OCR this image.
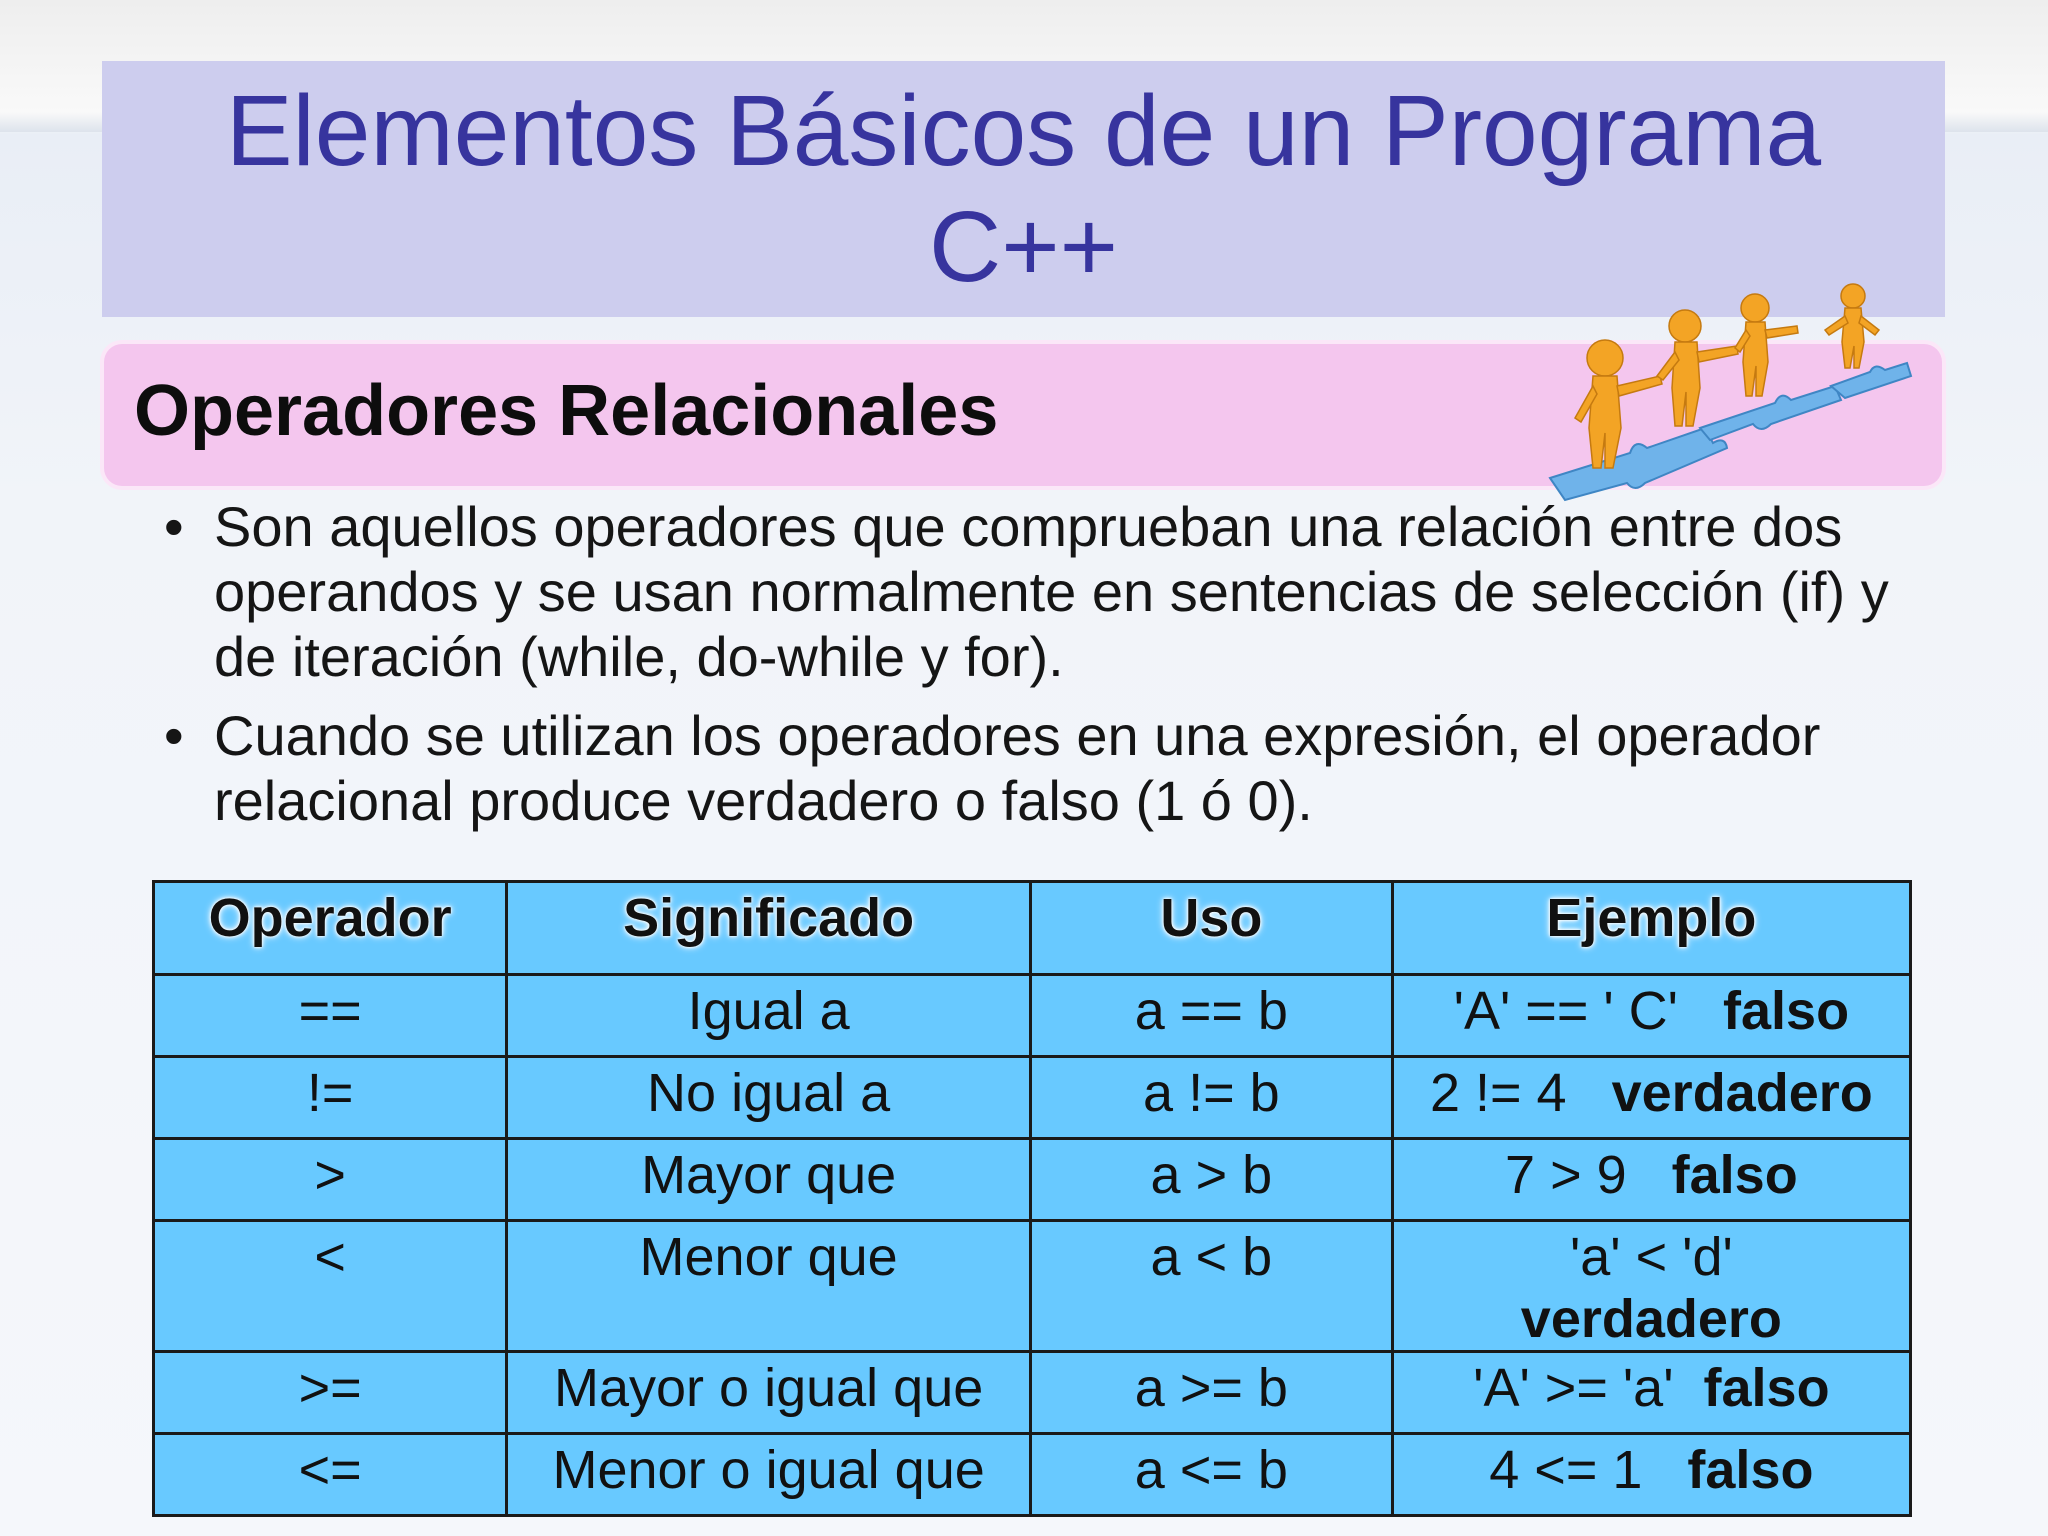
Elementos Básicos de un Programa
C++
Operadores Relacionales
• Son aquellos operadores que comprueban una relación entre dos operandos y se usan normalmente en sentencias de selección (if) y de iteración (while, do-while y for).
• Cuando se utilizan los operadores en una expresión, el operador relacional produce verdadero o falso (1 ó 0).
Operador	Significado	Uso	Ejemplo
==	Igual a	a == b	'A' == ' C' falso
!=	No igual a	a != b	2 != 4 verdadero
>	Mayor que	a > b	7 > 9 falso
<	Menor que	a < b	'a' < 'd'
verdadero
>=	Mayor o igual que	a >= b	'A' >= 'a' falso
<=	Menor o igual que	a <= b	4 <= 1 falso
